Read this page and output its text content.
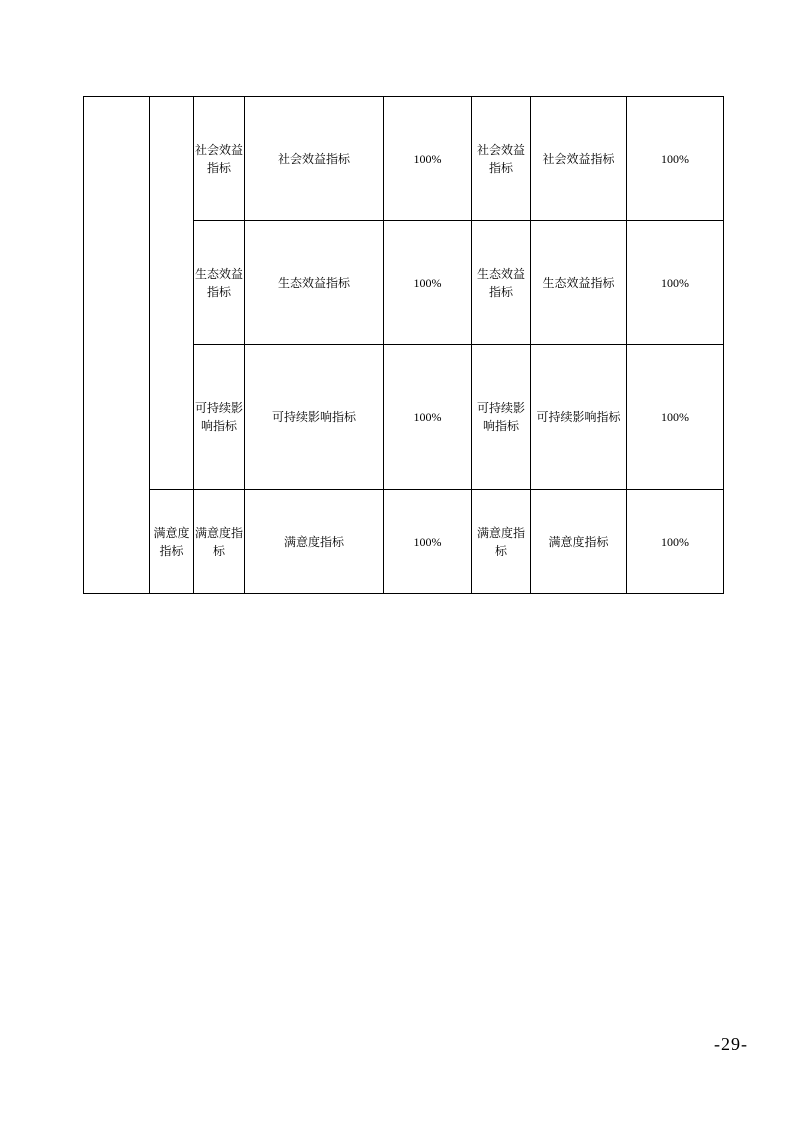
		社会效益指标	社会效益指标	100%	社会效益指标	社会效益指标	100%
		生态效益指标	生态效益指标	100%	生态效益指标	生态效益指标	100%
		可持续影响指标	可持续影响指标	100%	可持续影响指标	可持续影响指标	100%
	满意度指标	满意度指标	满意度指标	100%	满意度指标	满意度指标	100%
-29-
